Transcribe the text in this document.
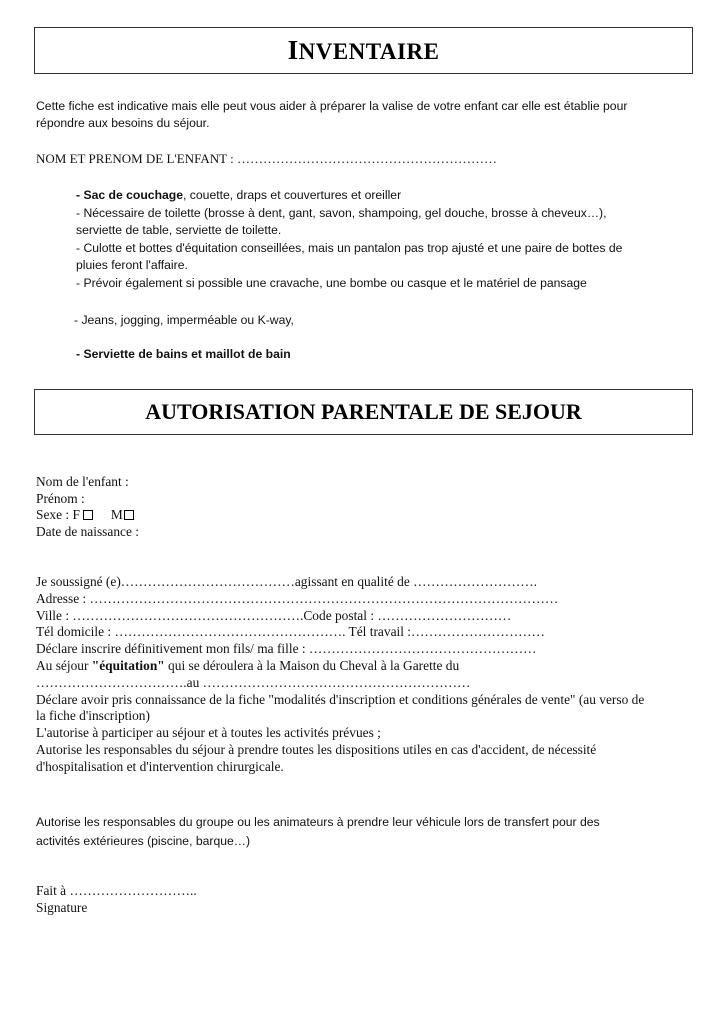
INVENTAIRE
Cette fiche est indicative mais elle peut vous aider à préparer la valise de votre enfant car elle est établie pour
répondre aux besoins du séjour.
NOM ET PRENOM DE L'ENFANT : ……………………………………………………
- Sac de couchage, couette, draps et couvertures et oreiller
- Nécessaire de toilette (brosse à dent, gant, savon, shampoing, gel douche, brosse à cheveux…),
serviette de table, serviette de toilette.
- Culotte et bottes d'équitation conseillées, mais un pantalon pas trop ajusté et une paire de bottes de
pluies feront l'affaire.
- Prévoir également si possible une cravache, une bombe ou casque et le matériel de pansage
- Jeans, jogging, imperméable ou K-way,
- Serviette de bains et maillot de bain
AUTORISATION PARENTALE DE SEJOUR
Nom de l'enfant :
Prénom :
Sexe : F M
Date de naissance :
Je soussigné (e)…………………………………agissant en qualité de ……………………….
Adresse : ……………………………………………………………………………………………
Ville : …………………………………………….Code postal : …………………………
Tél domicile : ……………………………………………. Tél travail :…………………………
Déclare inscrire définitivement mon fils/ ma fille : ……………………………………………
Au séjour "équitation" qui se déroulera à la Maison du Cheval à la Garette du
…………………………….au ……………………………………………………
Déclare avoir pris connaissance de la fiche "modalités d'inscription et conditions générales de vente" (au verso de
la fiche d'inscription)
L'autorise à participer au séjour et à toutes les activités prévues ;
Autorise les responsables du séjour à prendre toutes les dispositions utiles en cas d'accident, de nécessité
d'hospitalisation et d'intervention chirurgicale.
Autorise les responsables du groupe ou les animateurs à prendre leur véhicule lors de transfert pour des
activités extérieures (piscine, barque…)
Fait à ………………………..
Signature
